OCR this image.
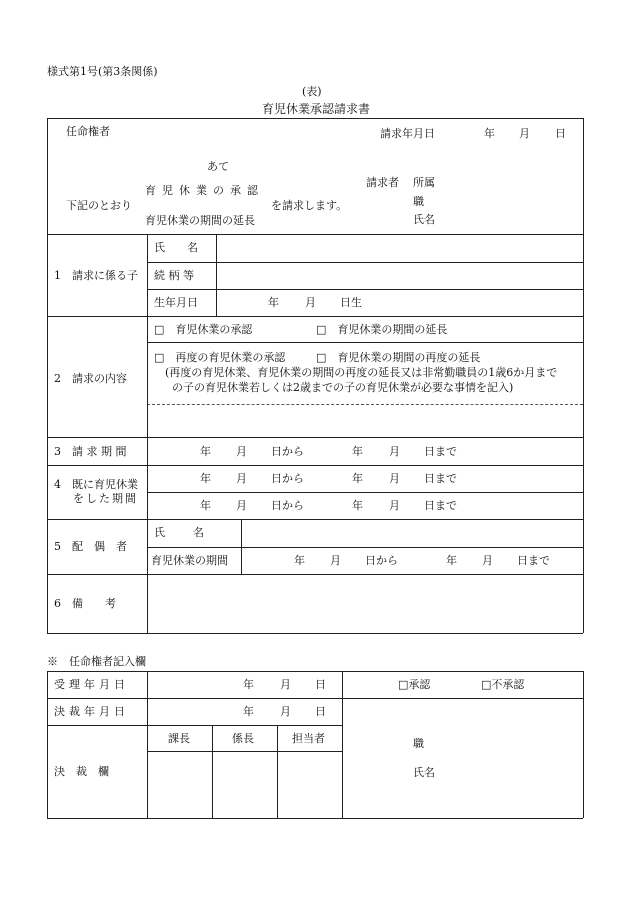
様式第1号(第3条関係)
(表)
育児休業承認請求書
任命権者	請求年月日	年 月 日
あて
育児休業の承認
下記のとおり	を請求します。
育児休業の期間の延長
請求者 所属
職
氏名
1　請求に係る子
氏　　名
続 柄 等
生年月日	年 月 日生
2　請求の内容
□　育児休業の承認	□　育児休業の期間の延長
□　再度の育児休業の承認	□　育児休業の期間の再度の延長
(再度の育児休業、育児休業の期間の再度の延長又は非常勤職員の1歳6か月まで
の子の育児休業若しくは2歳までの子の育児休業が必要な事情を記入)
3　請 求 期 間	年 月 日から	年 月 日まで
4　既に育児休業
をした期間
年 月 日から	年 月 日まで
年 月 日から	年 月 日まで
5　配　偶　者
氏　　名
育児休業の期間	年 月 日から	年 月 日まで
6　備　　考
※　任命権者記入欄
受理年月日	年 月 日	□承認	□不承認
決裁年月日	年 月 日
決　裁　欄
課長	係長	担当者	職
氏名
